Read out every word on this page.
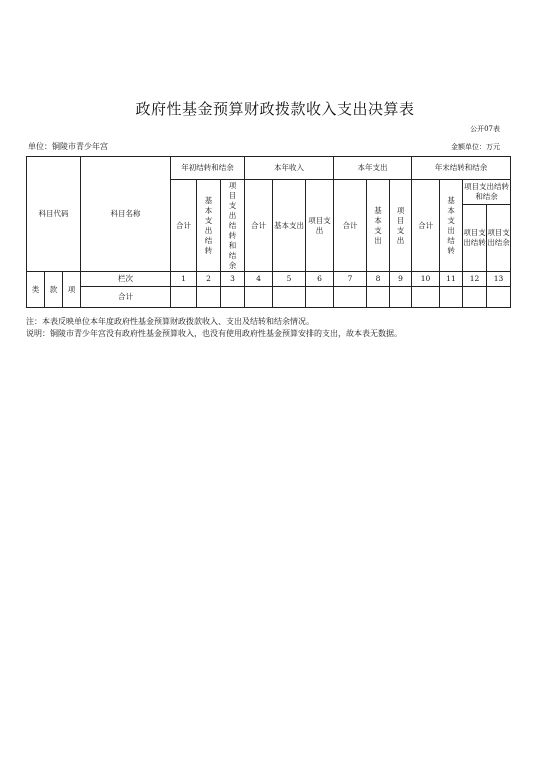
政府性基金预算财政拨款收入支出决算表
公开07表
单位：铜陵市青少年宫	金额单位：万元
科目代码			科目名称	年初结转和结余			本年收入			本年支出			年末结转和结余			
				合计	基本支出结转	项目支出结转和结余	合计	基本支出	项目支出	合计	基本支出	项目支出	合计	基本支出结转	项目支出结转和结余	
															项目支出结转	项目支出结余
类	款	项	栏次	1	2	3	4	5	6	7	8	9	10	11	12	13
			合计													
注：本表反映单位本年度政府性基金预算财政拨款收入、支出及结转和结余情况。
说明：铜陵市青少年宫没有政府性基金预算收入，也没有使用政府性基金预算安排的支出，故本表无数据。
